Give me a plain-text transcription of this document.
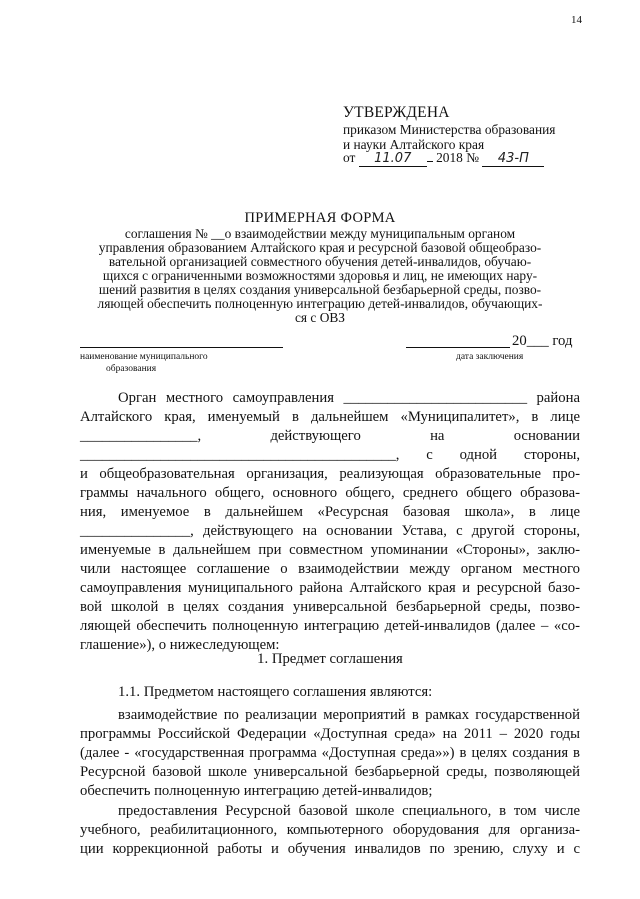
14
УТВЕРЖДЕНА
приказом Министерства образования
и науки Алтайского края
от 11.07 2018 № 43-П
ПРИМЕРНАЯ ФОРМА
соглашения № __о взаимодействии между муниципальным органом
управления образованием Алтайского края и ресурсной базовой общеобразо-
вательной организацией совместного обучения детей-инвалидов, обучаю-
щихся с ограниченными возможностями здоровья и лиц, не имеющих нару-
шений развития в целях создания универсальной безбарьерной среды, позво-
ляющей обеспечить полноценную интеграцию детей-инвалидов, обучающих-
ся с ОВЗ
20___ год
наименование муниципального
образования
дата заключения
Орган местного самоуправления _________________________ района
Алтайского края, именуемый в дальнейшем «Муниципалитет», в лице
________________, действующего на основании
___________________________________________, с одной стороны,
и общеобразовательная организация, реализующая образовательные про-
граммы начального общего, основного общего, среднего общего образова-
ния, именуемое в дальнейшем «Ресурсная базовая школа», в лице
_______________, действующего на основании Устава, с другой стороны,
именуемые в дальнейшем при совместном упоминании «Стороны», заклю-
чили настоящее соглашение о взаимодействии между органом местного
самоуправления муниципального района Алтайского края и ресурсной базо-
вой школой в целях создания универсальной безбарьерной среды, позво-
ляющей обеспечить полноценную интеграцию детей-инвалидов (далее – «со-
глашение»), о нижеследующем:
1. Предмет соглашения
1.1. Предметом настоящего соглашения являются:
взаимодействие по реализации мероприятий в рамках государственной
программы Российской Федерации «Доступная среда» на 2011 – 2020 годы
(далее - «государственная программа «Доступная среда»») в целях создания в
Ресурсной базовой школе универсальной безбарьерной среды, позволяющей
обеспечить полноценную интеграцию детей-инвалидов;
предоставления Ресурсной базовой школе специального, в том числе
учебного, реабилитационного, компьютерного оборудования для организа-
ции коррекционной работы и обучения инвалидов по зрению, слуху и с
